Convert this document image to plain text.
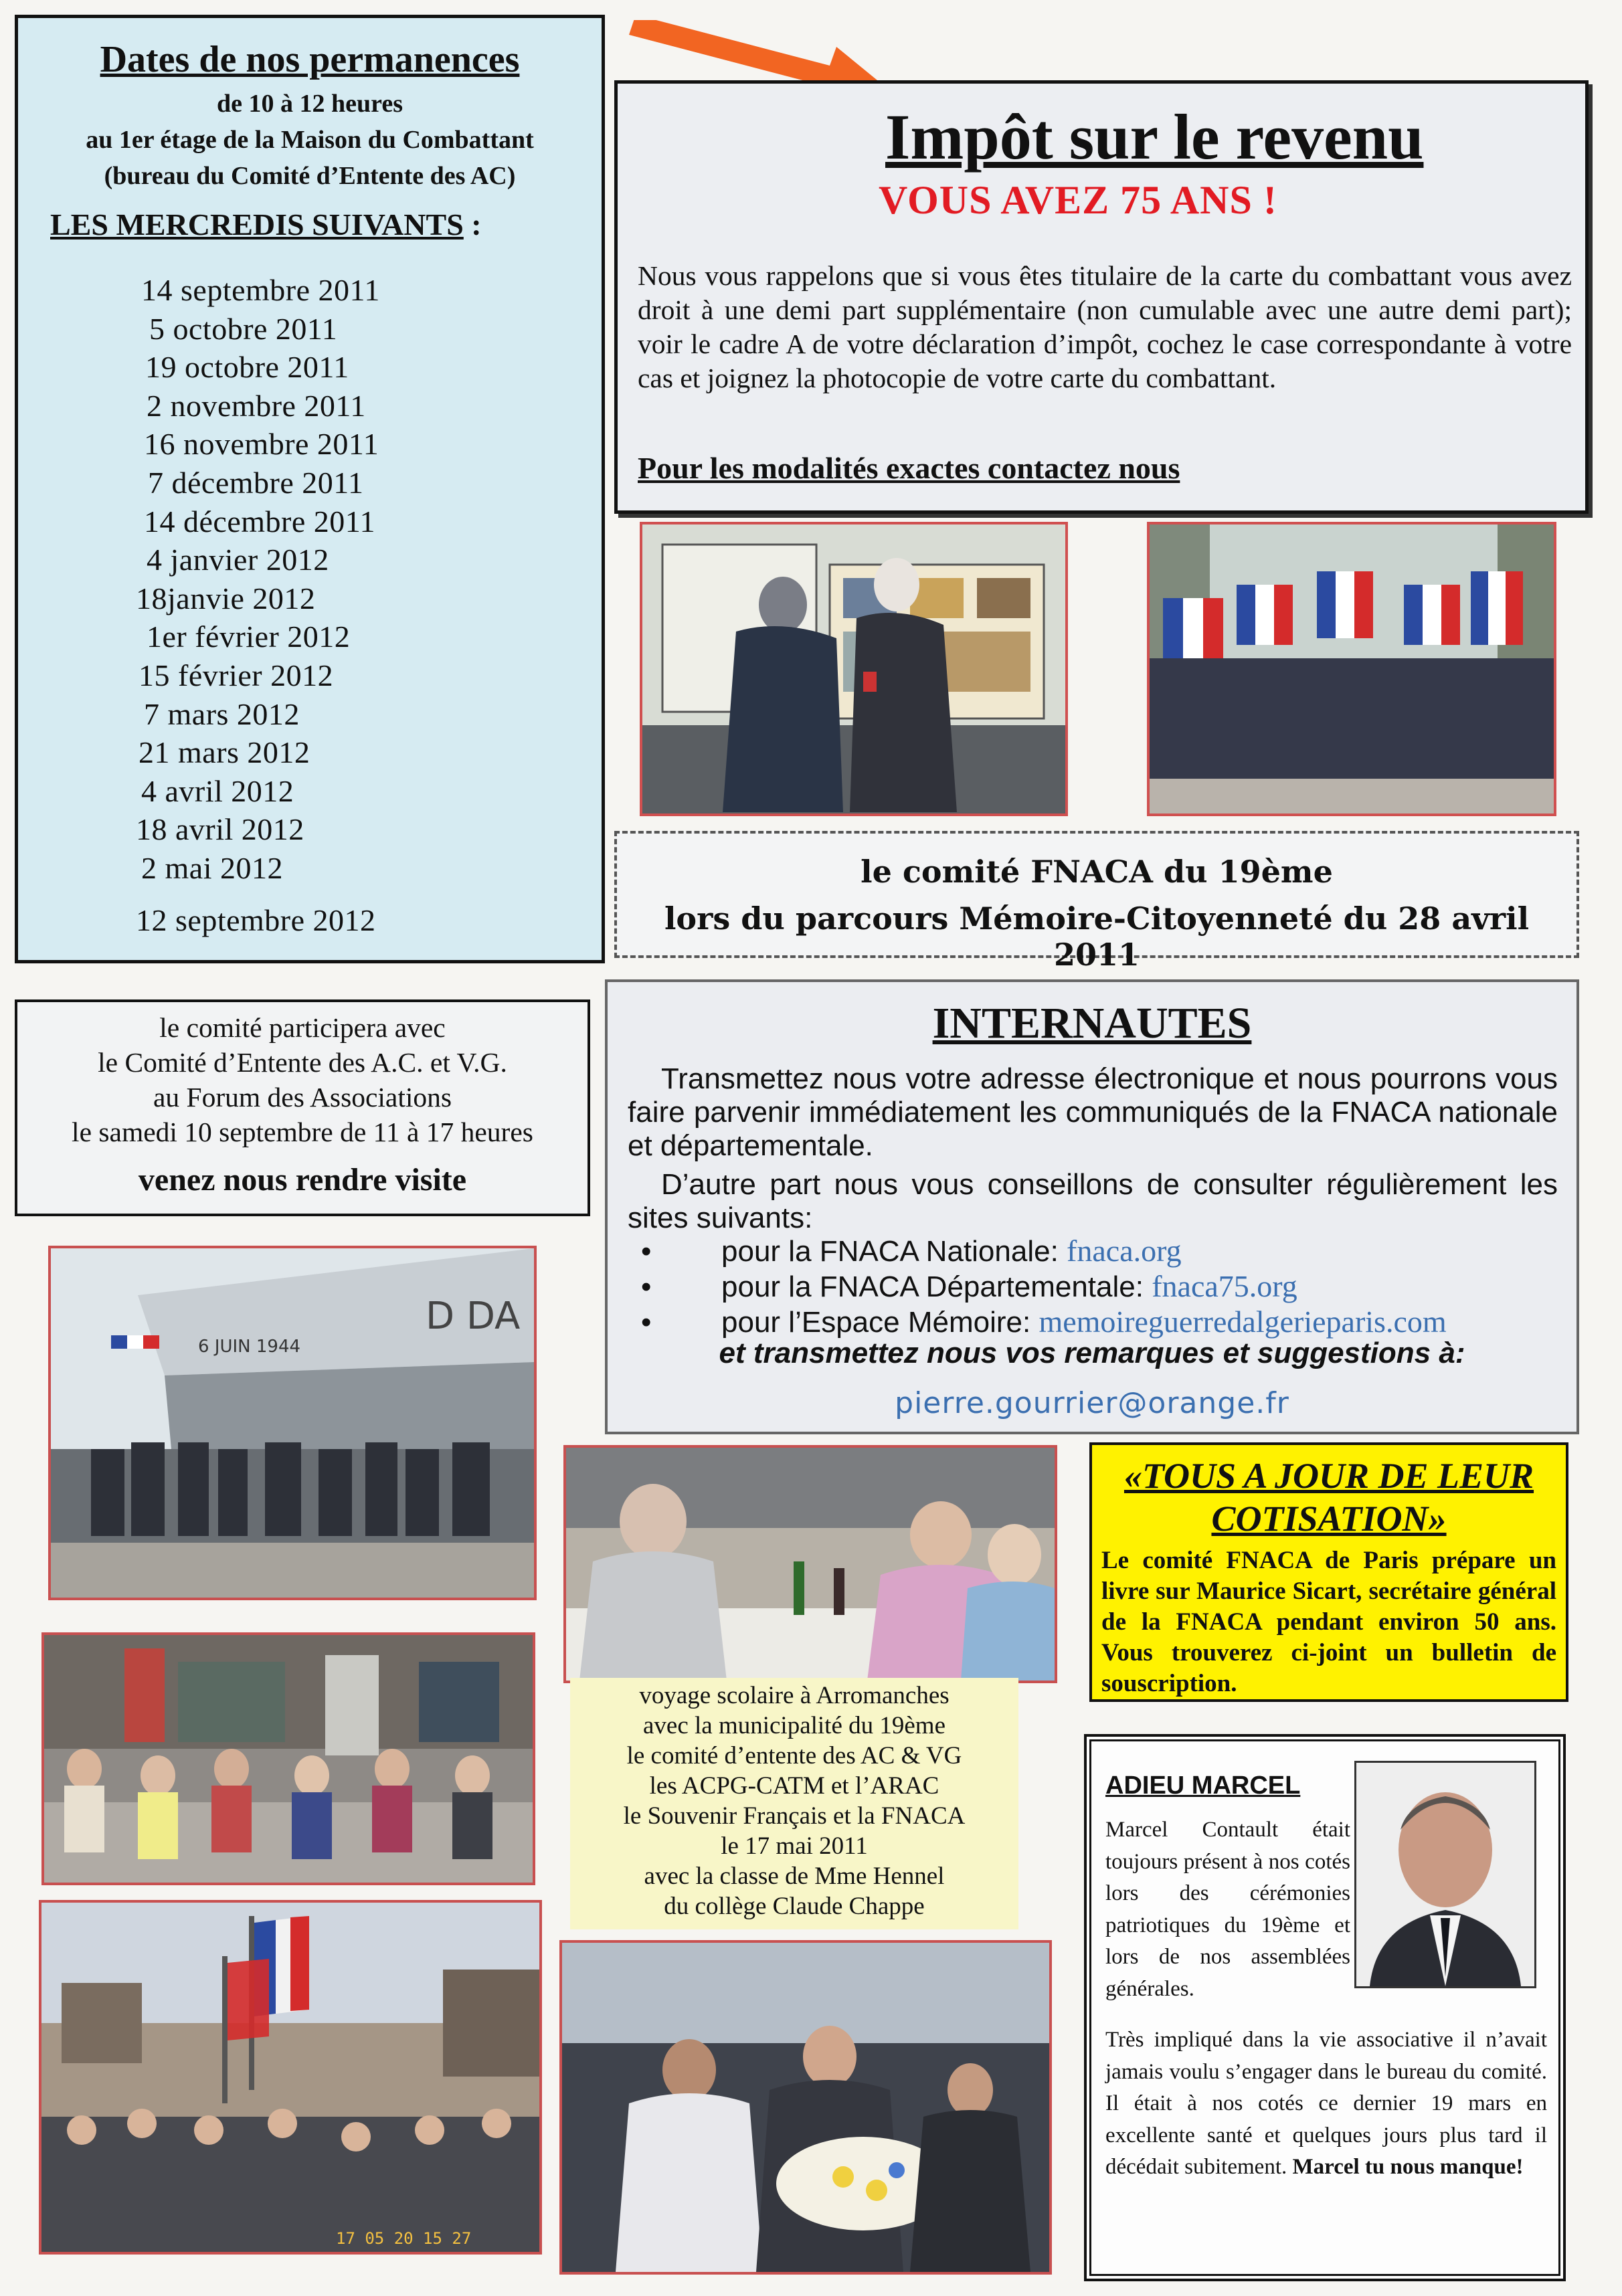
Dates de nos permanences
de 10 à 12 heures
au 1er étage de la Maison du Combattant
(bureau du Comité d’Entente des AC)
LES MERCREDIS SUIVANTS :
14 septembre 2011
5 octobre 2011
19 octobre 2011
2 novembre 2011
16 novembre 2011
7 décembre 2011
14 décembre 2011
4 janvier 2012
18janvie 2012
1er février 2012
15 février 2012
7 mars 2012
21 mars 2012
4 avril 2012
18 avril 2012
2 mai 2012
12 septembre 2012
Impôt sur le revenu
VOUS AVEZ 75 ANS !
Nous vous rappelons que si vous êtes titulaire de la carte du combattant vous avez droit à une demi part supplémentaire (non cumulable avec une autre demi part); voir le cadre A de votre déclaration d’impôt, cochez le case correspondante à votre cas et joignez la photocopie de votre carte du combattant.
Pour les modalités exactes contactez nous
le comité FNACA du 19ème
lors du parcours Mémoire-Citoyenneté du 28 avril 2011
le comité participera avec
le Comité d’Entente des A.C. et V.G.
au Forum des Associations
le samedi 10 septembre de 11 à 17 heures
venez nous rendre visite
INTERNAUTES
Transmettez nous votre adresse électronique et nous pourrons vous faire parvenir immédiatement les communiqués de la FNACA nationale et départementale.
D’autre part nous vous conseillons de consulter régulièrement les sites suivants:
• pour la FNACA Nationale: fnaca.org
• pour la FNACA Départementale: fnaca75.org
• pour l’Espace Mémoire: memoireguerredalgerieparis.com
et transmettez nous vos remarques et suggestions à:
pierre.gourrier@orange.fr
6 JUIN 1944
D DA
«TOUS A JOUR DE LEUR
COTISATION»
Le comité FNACA de Paris prépare un livre sur Maurice Sicart, secrétaire général de la FNACA pendant environ 50 ans. Vous trouverez ci-joint un bulletin de souscription.
voyage scolaire à Arromanches
avec la municipalité du 19ème
le comité d’entente des AC & VG
les ACPG-CATM et l’ARAC
le Souvenir Français et la FNACA
le 17 mai 2011
avec la classe de Mme Hennel
du collège Claude Chappe
ADIEU MARCEL
Marcel Contault était toujours présent à nos cotés lors des cérémonies patriotiques du 19ème et lors de nos assemblées générales.
Très impliqué dans la vie associative il n’avait jamais voulu s’engager dans le bureau du comité. Il était à nos cotés ce dernier 19 mars en excellente santé et quelques jours plus tard il décédait subitement. Marcel tu nous manque!
17 05 20 15 27
